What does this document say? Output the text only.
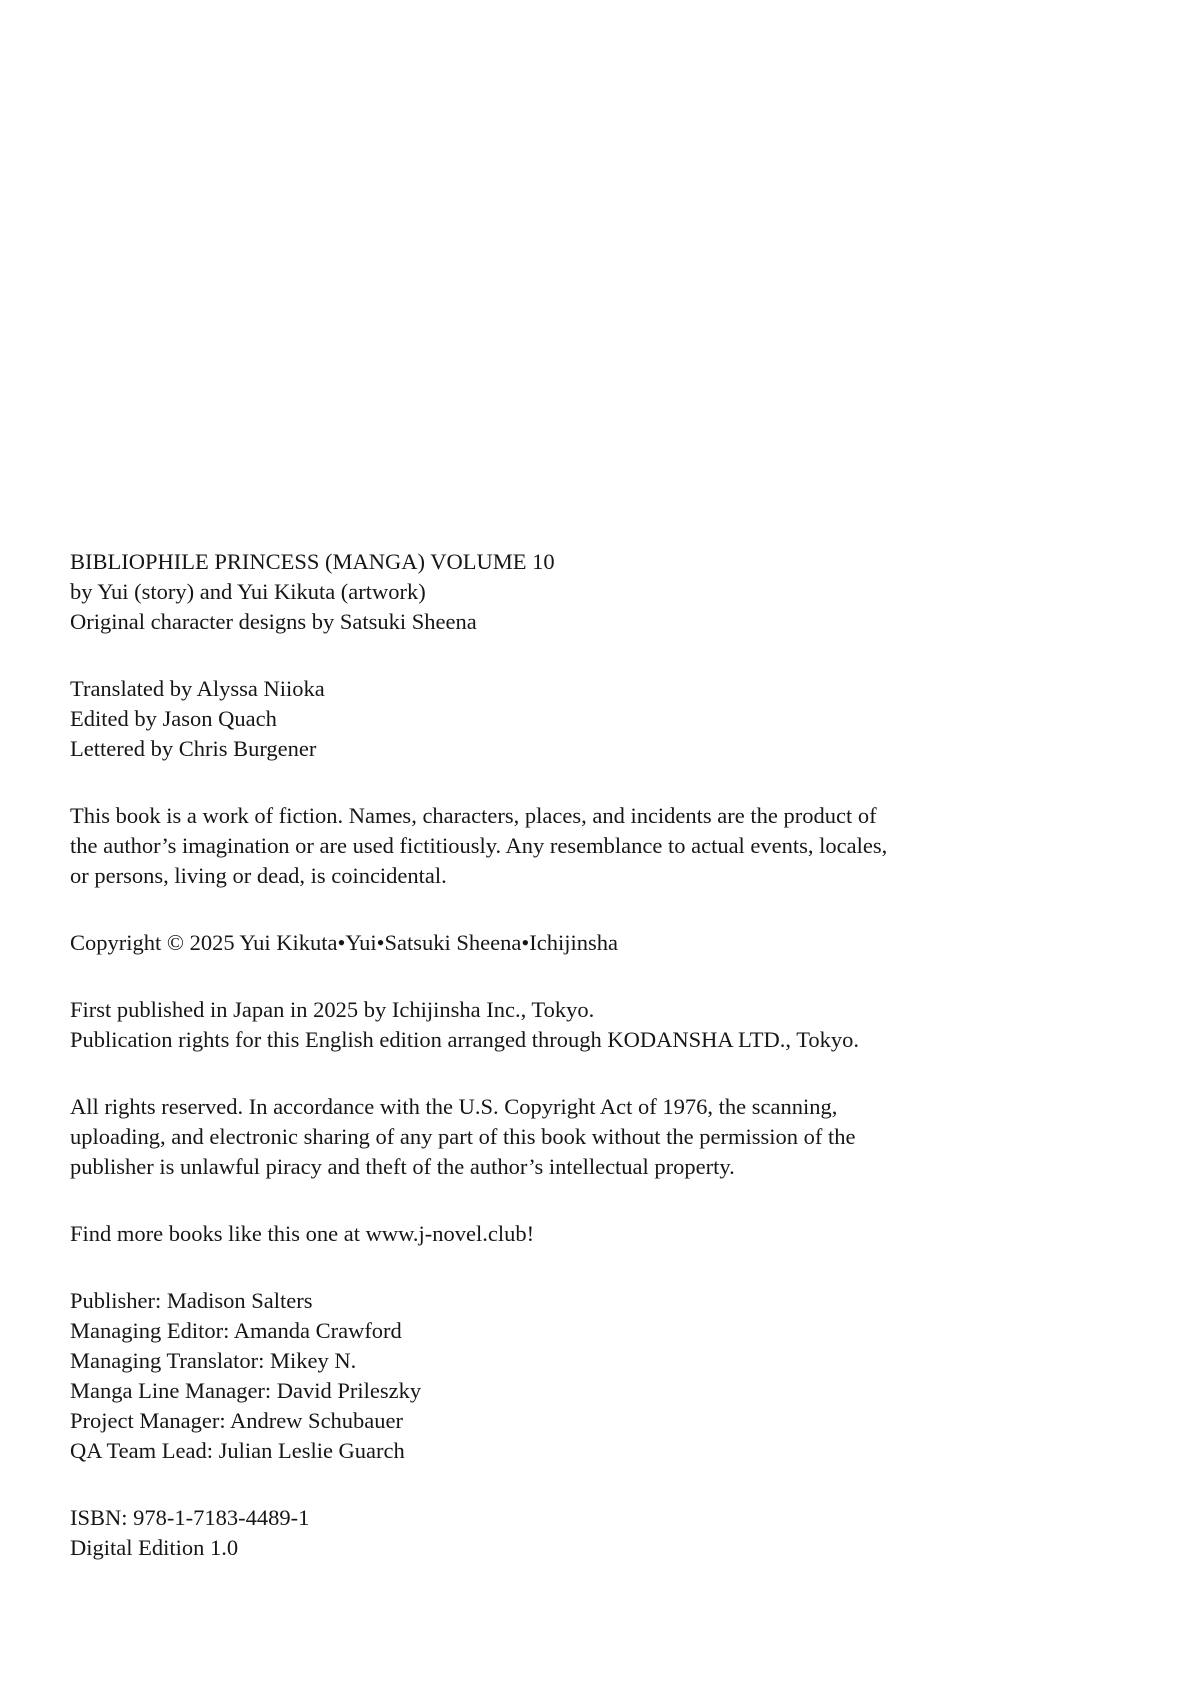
BIBLIOPHILE PRINCESS (MANGA) VOLUME 10
by Yui (story) and Yui Kikuta (artwork)
Original character designs by Satsuki Sheena

Translated by Alyssa Niioka
Edited by Jason Quach
Lettered by Chris Burgener

This book is a work of fiction. Names, characters, places, and incidents are the product of
the author’s imagination or are used fictitiously. Any resemblance to actual events, locales,
or persons, living or dead, is coincidental.

Copyright © 2025 Yui Kikuta•Yui•Satsuki Sheena•Ichijinsha

First published in Japan in 2025 by Ichijinsha Inc., Tokyo.
Publication rights for this English edition arranged through KODANSHA LTD., Tokyo.

All rights reserved. In accordance with the U.S. Copyright Act of 1976, the scanning,
uploading, and electronic sharing of any part of this book without the permission of the
publisher is unlawful piracy and theft of the author’s intellectual property.

Find more books like this one at www.j-novel.club!

Publisher: Madison Salters
Managing Editor: Amanda Crawford
Managing Translator: Mikey N.
Manga Line Manager: David Prileszky
Project Manager: Andrew Schubauer
QA Team Lead: Julian Leslie Guarch

ISBN: 978-1-7183-4489-1
Digital Edition 1.0
